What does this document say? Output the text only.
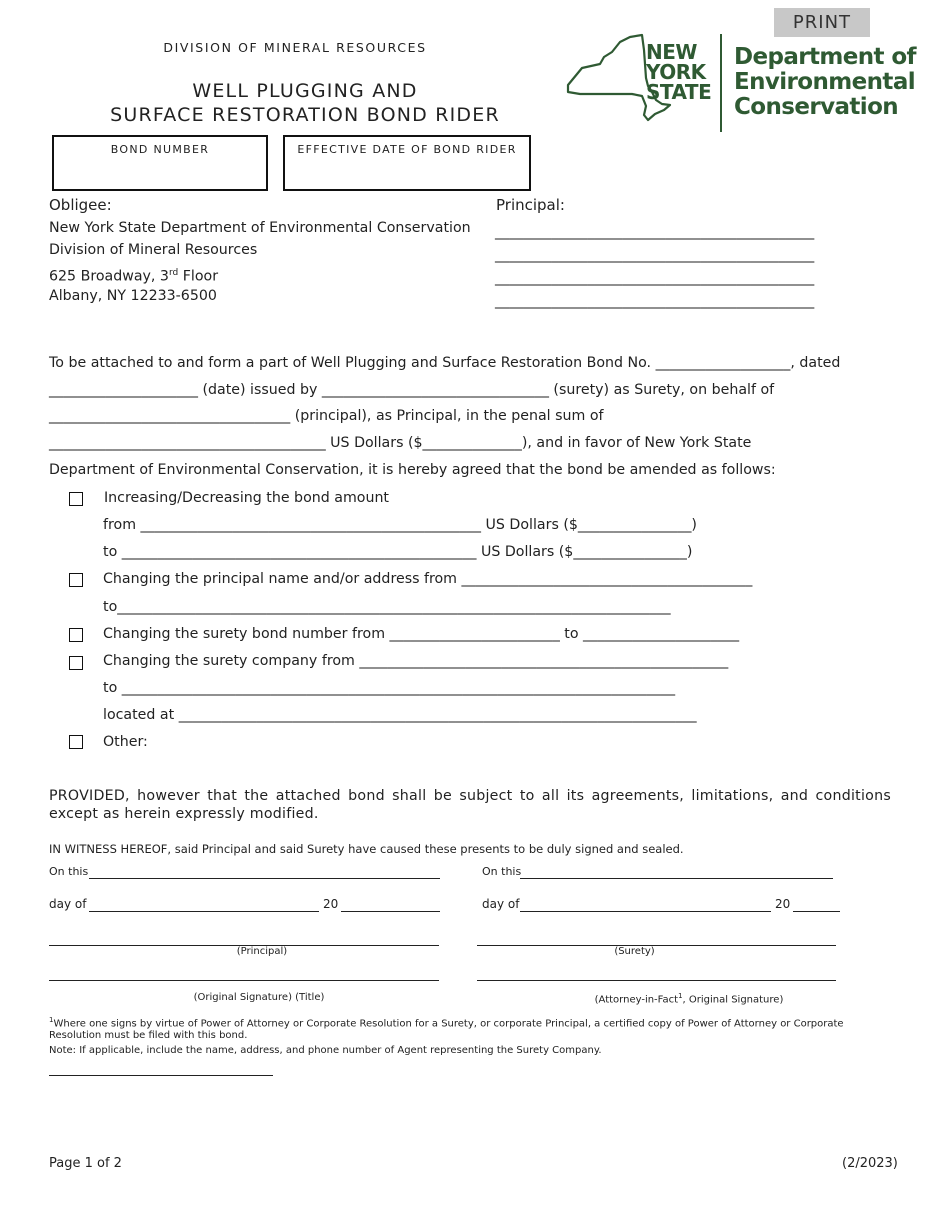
PRINT
DIVISION OF MINERAL RESOURCES
WELL PLUGGING AND
SURFACE RESTORATION BOND RIDER
NEW
YORK
STATE
Department of
Environmental
Conservation
BOND NUMBER	EFFECTIVE DATE OF BOND RIDER
Obligee:
New York State Department of Environmental Conservation
Division of Mineral Resources
625 Broadway, 3rd Floor
Albany, NY 12233-6500
Principal:
_____________________________________________
_____________________________________________
_____________________________________________
_____________________________________________
To be attached to and form a part of Well Plugging and Surface Restoration Bond No. ___________________, dated
_____________________ (date) issued by ________________________________ (surety) as Surety, on behalf of
__________________________________ (principal), as Principal, in the penal sum of
_______________________________________ US Dollars ($______________), and in favor of New York State
Department of Environmental Conservation, it is hereby agreed that the bond be amended as follows:
Increasing/Decreasing the bond amount
from ________________________________________________ US Dollars ($________________)
to __________________________________________________ US Dollars ($________________)
Changing the principal name and/or address from _________________________________________
to______________________________________________________________________________
Changing the surety bond number from ________________________ to ______________________
Changing the surety company from ____________________________________________________
to ______________________________________________________________________________
located at _________________________________________________________________________
Other:
PROVIDED, however that the attached bond shall be subject to all its agreements, limitations, and conditions except as herein expressly modified.
IN WITNESS HEREOF, said Principal and said Surety have caused these presents to be duly signed and sealed.
On this
day of	20
(Principal)
(Original Signature) (Title)
On this
day of	20
(Surety)
(Attorney-in-Fact$^1$, Original Signature)
$^1$Where one signs by virtue of Power of Attorney or Corporate Resolution for a Surety, or corporate Principal, a certified copy of Power of Attorney or Corporate Resolution must be filed with this bond.
Note: If applicable, include the name, address, and phone number of Agent representing the Surety Company.
Page 1 of 2	(2/2023)
